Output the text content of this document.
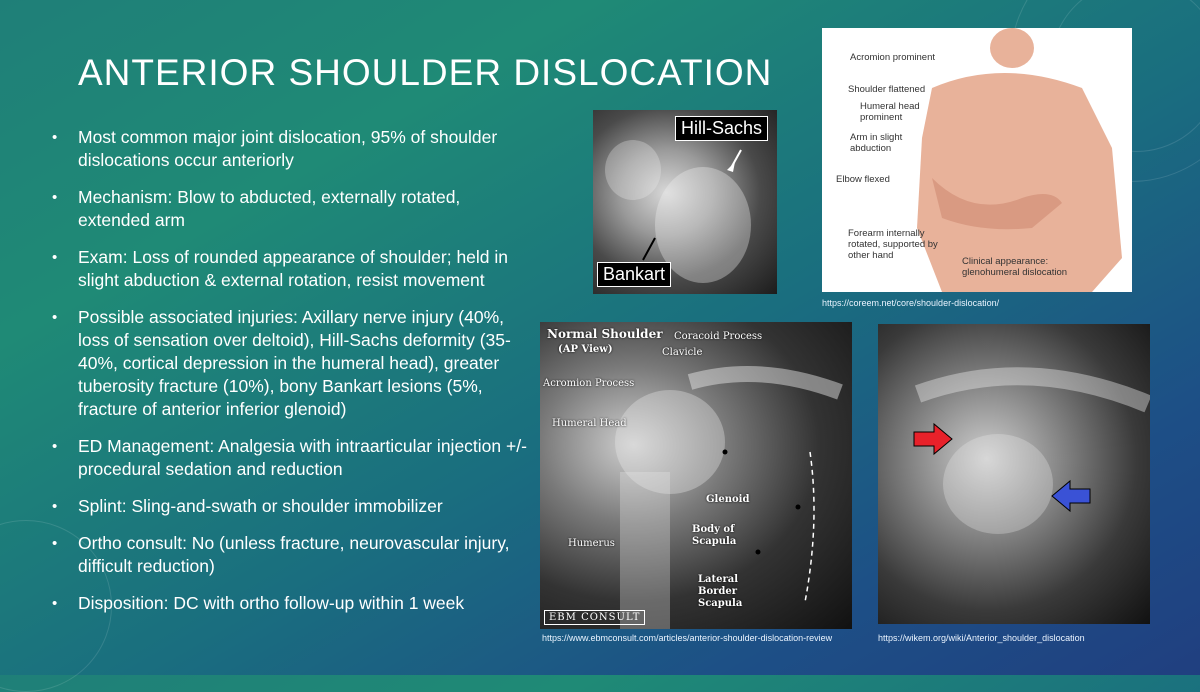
ANTERIOR SHOULDER DISLOCATION
• Most common major joint dislocation, 95% of shoulder dislocations occur anteriorly
• Mechanism: Blow to abducted, externally rotated, extended arm
• Exam: Loss of rounded appearance of shoulder; held in slight abduction & external rotation, resist movement
• Possible associated injuries: Axillary nerve injury (40%, loss of sensation over deltoid), Hill-Sachs deformity (35-40%, cortical depression in the humeral head), greater tuberosity fracture (10%), bony Bankart lesions (5%, fracture of anterior inferior glenoid)
• ED Management: Analgesia with intraarticular injection +/- procedural sedation and reduction
• Splint: Sling-and-swath or shoulder immobilizer
• Ortho consult: No (unless fracture, neurovascular injury, difficult reduction)
• Disposition: DC with ortho follow-up within 1 week
Hill-Sachs
Bankart
Acromion prominent
Shoulder flattened
Humeral head prominent
Arm in slight abduction
Elbow flexed
Forearm internally rotated, supported by other hand
Clinical appearance: glenohumeral dislocation
https://coreem.net/core/shoulder-dislocation/
Normal Shoulder
(AP View)
Coracoid Process
Clavicle
Acromion Process
Humeral Head
Glenoid
Body of Scapula
Humerus
Lateral Border Scapula
EBM CONSULT
https://www.ebmconsult.com/articles/anterior-shoulder-dislocation-review	https://wikem.org/wiki/Anterior_shoulder_dislocation
